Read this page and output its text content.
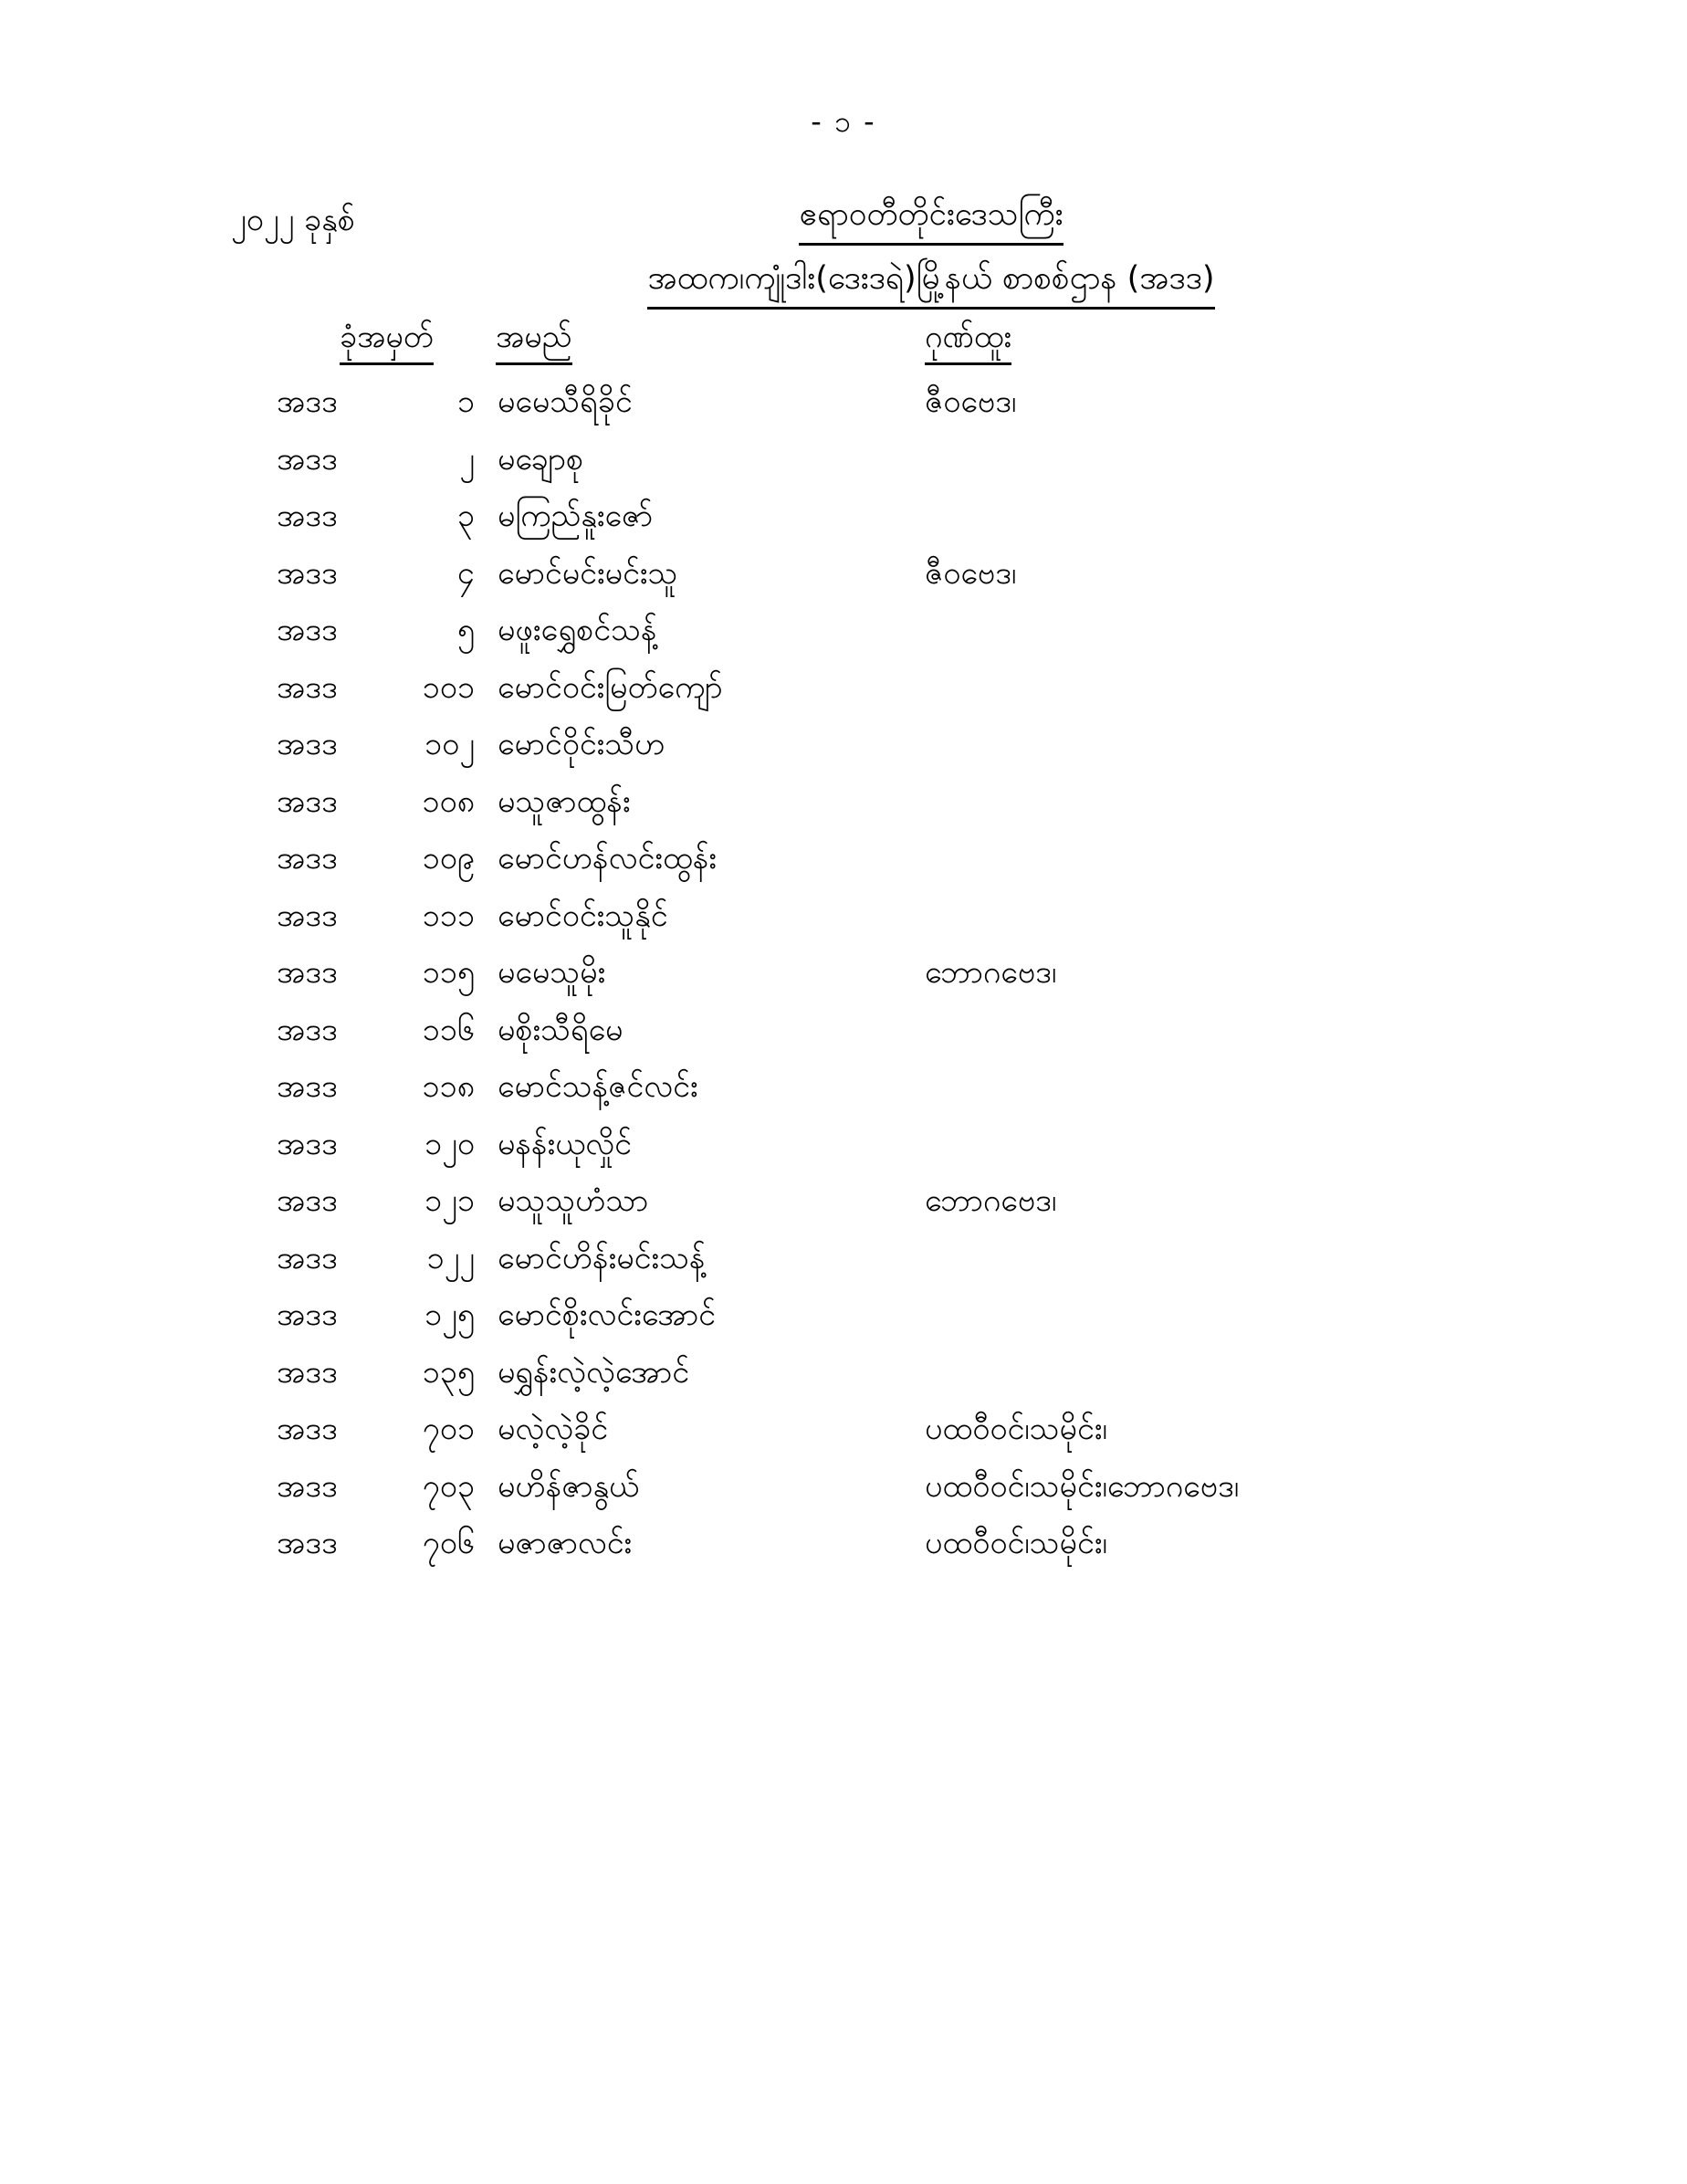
- ၁ -
၂၀၂၂ ခုနှစ်	ဧရာဝတီတိုင်းဒေသကြီး
အထက၊ကျုံဒါး(ဒေးဒရဲ)မြို့နယ် စာစစ်ဌာန (အဒဒ)
ခုံအမှတ် အမည်	ဂုဏ်ထူး
အဒဒ	၁ မမေသီရိခိုင်	ဇီဝဗေဒ၊
အဒဒ	၂ မချောစု
အဒဒ	၃ မကြည်နူးဇော်
အဒဒ	၄ မောင်မင်းမင်းသူ	ဇီဝဗေဒ၊
အဒဒ	၅ မဖူးရွှေစင်သန့်
အဒဒ	၁၀၁ မောင်ဝင်းမြတ်ကျော်
အဒဒ	၁၀၂ မောင်ဝိုင်းသီဟ
အဒဒ	၁၀၈ မသူဇာထွန်း
အဒဒ	၁၀၉ မောင်ဟန်လင်းထွန်း
အဒဒ	၁၁၁ မောင်ဝင်းသူနိုင်
အဒဒ	၁၁၅ မမေသူမိုး	ဘောဂဗေဒ၊
အဒဒ	၁၁၆ မစိုးသီရိမေ
အဒဒ	၁၁၈ မောင်သန့်ဇင်လင်း
အဒဒ	၁၂၀ မနန်းယုလှိုင်
အဒဒ	၁၂၁ မသူသူဟံသာ	ဘောဂဗေဒ၊
အဒဒ	၁၂၂ မောင်ဟိန်းမင်းသန့်
အဒဒ	၁၂၅ မောင်စိုးလင်းအောင်
အဒဒ	၁၃၅ မရွှန်းလဲ့လဲ့အောင်
အဒဒ	၇၀၁ မလဲ့လဲ့ခိုင်	ပထဝီဝင်၊သမိုင်း၊
အဒဒ	၇၀၃ မဟိန်ဇာနွယ်	ပထဝီဝင်၊သမိုင်း၊ဘောဂဗေဒ၊
အဒဒ	၇၀၆ မဇာဇာလင်း	ပထဝီဝင်၊သမိုင်း၊
